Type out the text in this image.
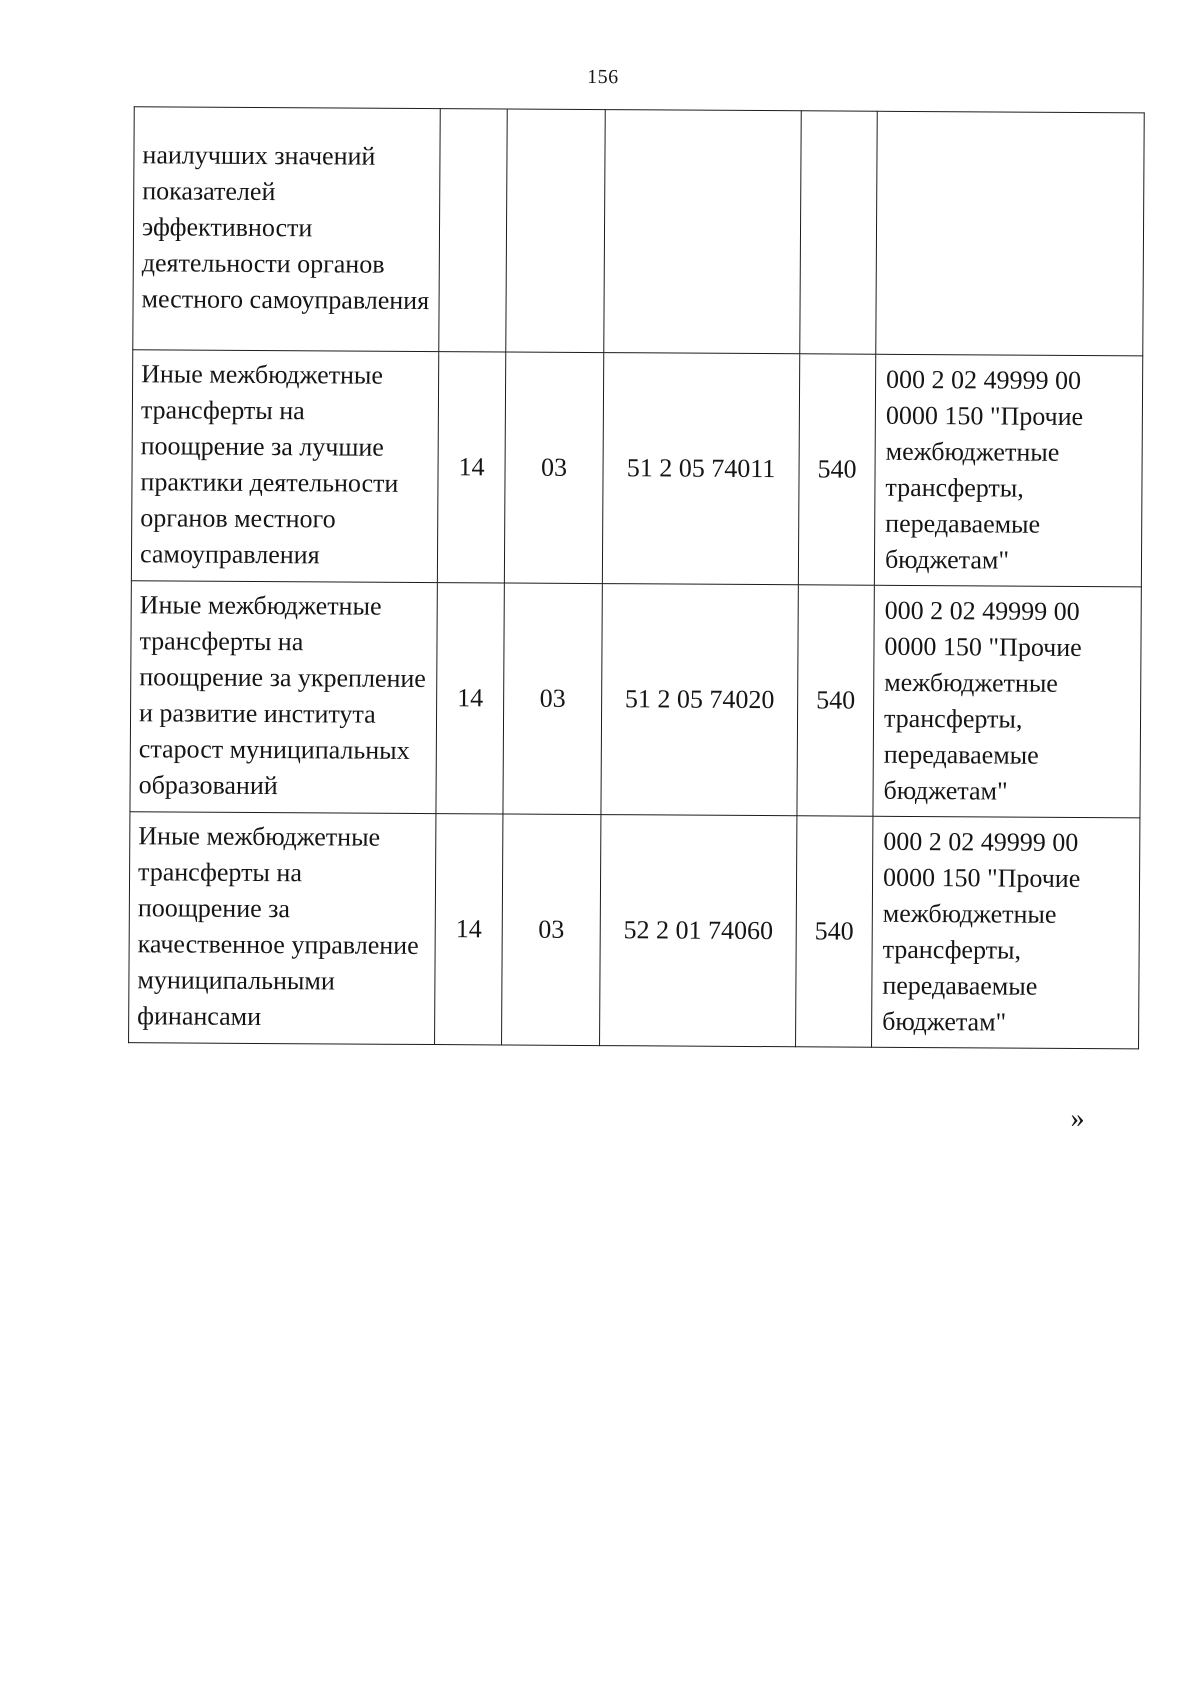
156
наилучших значений показателей эффективности деятельности органов местного самоуправления					

Иные межбюджетные трансферты на поощрение за лучшие практики деятельности органов местного самоуправления	14	03	51 2 05 74011	540	000 2 02 49999 00 0000 150 "Прочие межбюджетные трансферты, передаваемые бюджетам"

Иные межбюджетные трансферты на поощрение за укрепление и развитие института старост муниципальных образований	14	03	51 2 05 74020	540	000 2 02 49999 00 0000 150 "Прочие межбюджетные трансферты, передаваемые бюджетам"

Иные межбюджетные трансферты на поощрение за качественное управление муниципальными финансами	14	03	52 2 01 74060	540	000 2 02 49999 00 0000 150 "Прочие межбюджетные трансферты, передаваемые бюджетам"
»
